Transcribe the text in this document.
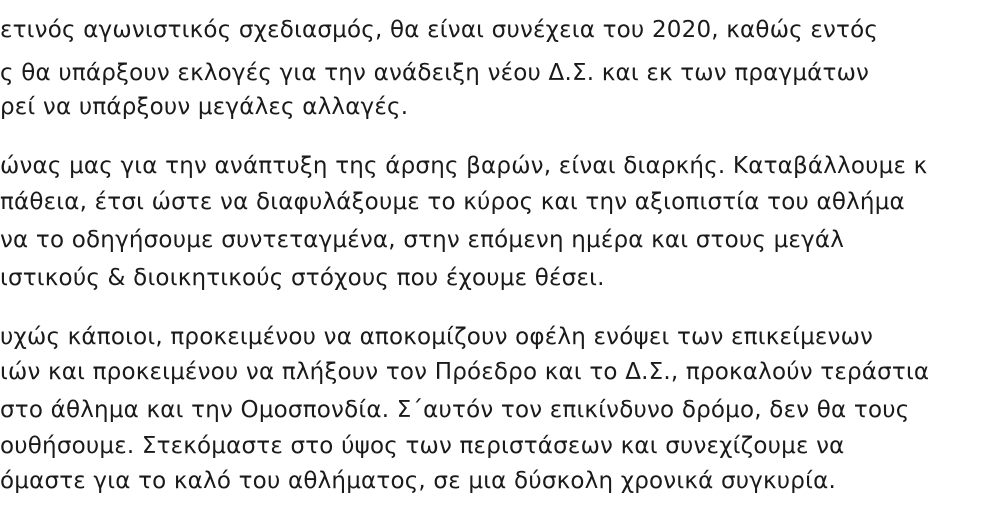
ετινός αγωνιστικός σχεδιασμός, θα είναι συνέχεια του 2020, καθώς εντός
ς θα υπάρξουν εκλογές για την ανάδειξη νέου Δ.Σ. και εκ των πραγμάτων
ρεί να υπάρξουν μεγάλες αλλαγές.
ώνας μας για την ανάπτυξη της άρσης βαρών, είναι διαρκής. Καταβάλλουμε κ
πάθεια, έτσι ώστε να διαφυλάξουμε το κύρος και την αξιοπιστία του αθλήμα
να το οδηγήσουμε συντεταγμένα, στην επόμενη ημέρα και στους μεγάλ
ιστικούς & διοικητικούς στόχους που έχουμε θέσει.
υχώς κάποιοι, προκειμένου να αποκομίζουν οφέλη ενόψει των επικείμενων
ιών και προκειμένου να πλήξουν τον Πρόεδρο και το Δ.Σ., προκαλούν τεράστια
στο άθλημα και την Ομοσπονδία. Σ΄αυτόν τον επικίνδυνο δρόμο, δεν θα τους
ουθήσουμε. Στεκόμαστε στο ύψος των περιστάσεων και συνεχίζουμε να
όμαστε για το καλό του αθλήματος, σε μια δύσκολη χρονικά συγκυρία.
